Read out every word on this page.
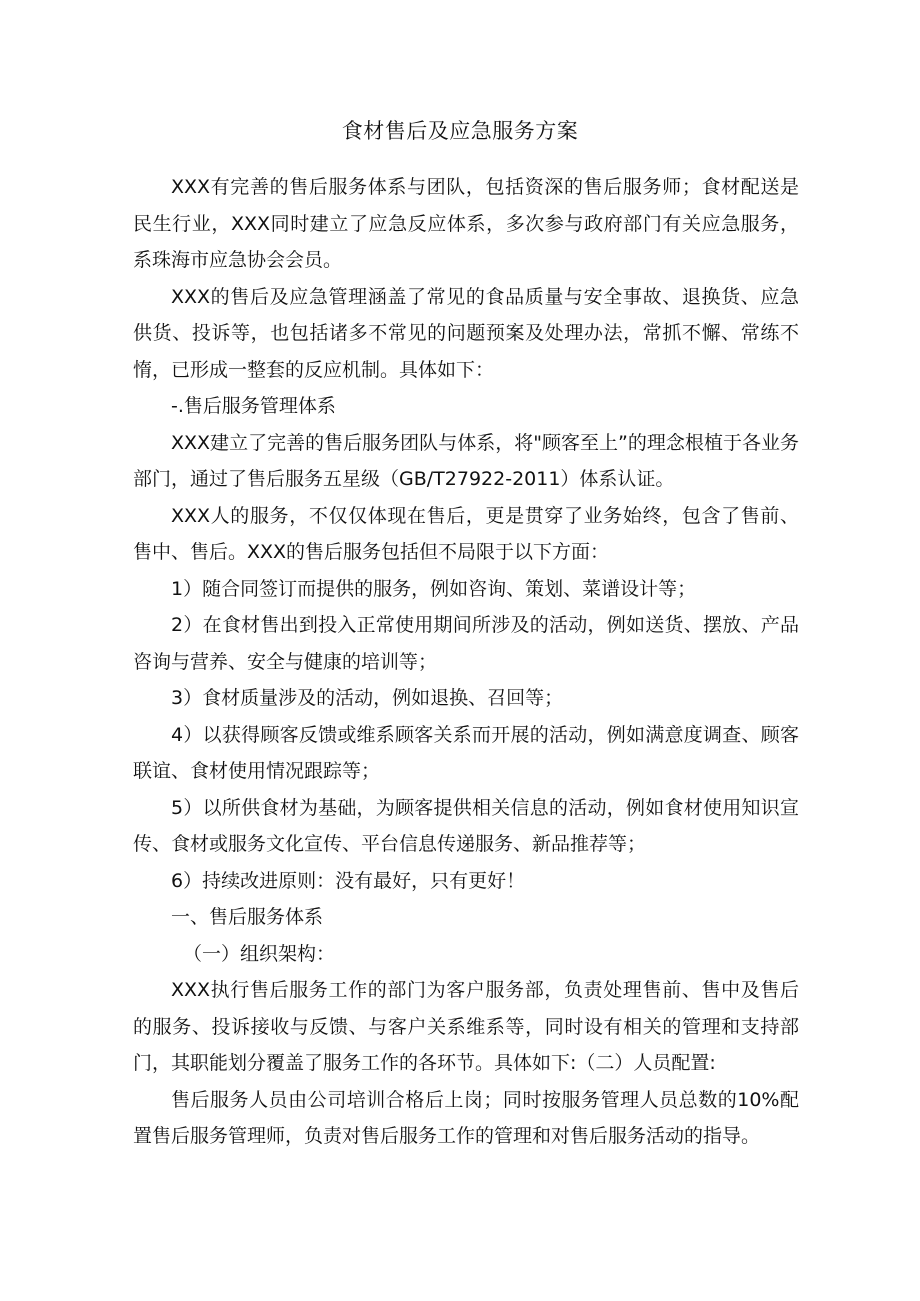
食材售后及应急服务方案

XXX有完善的售后服务体系与团队，包括资深的售后服务师；食材配送是民生行业，XXX同时建立了应急反应体系，多次参与政府部门有关应急服务，系珠海市应急协会会员。

XXX的售后及应急管理涵盖了常见的食品质量与安全事故、退换货、应急供货、投诉等，也包括诸多不常见的问题预案及处理办法，常抓不懈、常练不惰，已形成一整套的反应机制。具体如下：

-.售后服务管理体系

XXX建立了完善的售后服务团队与体系，将"顾客至上”的理念根植于各业务部门，通过了售后服务五星级（GB/T27922-2011）体系认证。

XXX人的服务，不仅仅体现在售后，更是贯穿了业务始终，包含了售前、售中、售后。XXX的售后服务包括但不局限于以下方面：

1）随合同签订而提供的服务，例如咨询、策划、菜谱设计等；

2）在食材售出到投入正常使用期间所涉及的活动，例如送货、摆放、产品咨询与营养、安全与健康的培训等；

3）食材质量涉及的活动，例如退换、召回等；

4）以获得顾客反馈或维系顾客关系而开展的活动，例如满意度调查、顾客联谊、食材使用情况跟踪等；

5）以所供食材为基础，为顾客提供相关信息的活动，例如食材使用知识宣传、食材或服务文化宣传、平台信息传递服务、新品推荐等；

6）持续改进原则：没有最好，只有更好！

一、售后服务体系

（一）组织架构：

XXX执行售后服务工作的部门为客户服务部，负责处理售前、售中及售后的服务、投诉接收与反馈、与客户关系维系等，同时设有相关的管理和支持部门，其职能划分覆盖了服务工作的各环节。具体如下:（二）人员配置:

售后服务人员由公司培训合格后上岗；同时按服务管理人员总数的10%配置售后服务管理师，负责对售后服务工作的管理和对售后服务活动的指导。
